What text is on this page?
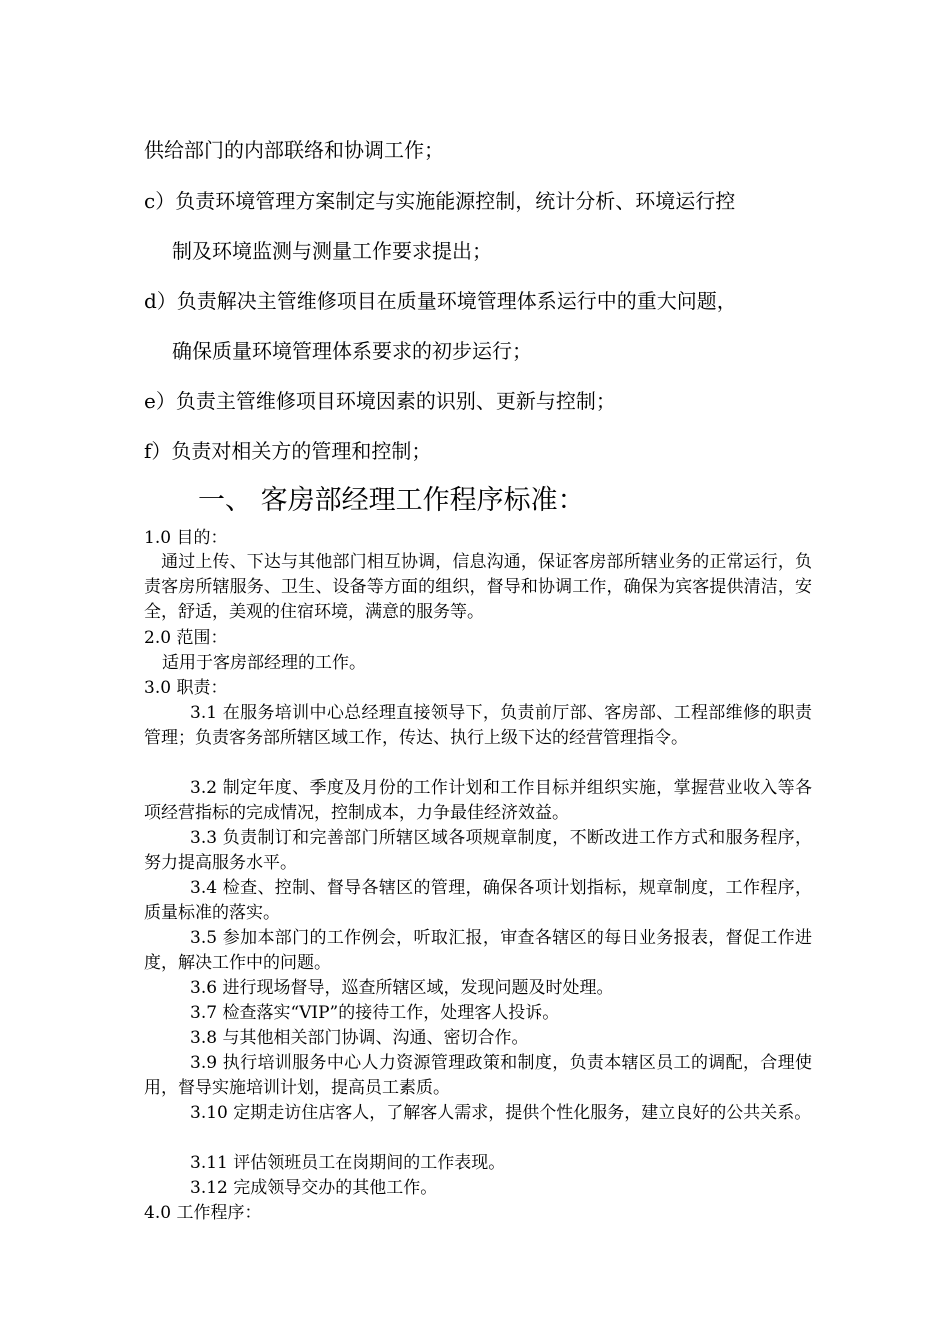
供给部门的内部联络和协调工作；
c）负责环境管理方案制定与实施能源控制，统计分析、环境运行控
制及环境监测与测量工作要求提出；
d）负责解决主管维修项目在质量环境管理体系运行中的重大问题，
确保质量环境管理体系要求的初步运行；
e）负责主管维修项目环境因素的识别、更新与控制；
f）负责对相关方的管理和控制；
一、 客房部经理工作程序标准：
1.0 目的：
　通过上传、下达与其他部门相互协调，信息沟通，保证客房部所辖业务的正常运行，负责客房所辖服务、卫生、设备等方面的组织，督导和协调工作，确保为宾客提供清洁，安全，舒适，美观的住宿环境，满意的服务等。
2.0 范围：
适用于客房部经理的工作。
3.0 职责：
3.1 在服务培训中心总经理直接领导下，负责前厅部、客房部、工程部维修的职责管理；负责客务部所辖区域工作，传达、执行上级下达的经营管理指令。
3.2 制定年度、季度及月份的工作计划和工作目标并组织实施，掌握营业收入等各项经营指标的完成情况，控制成本，力争最佳经济效益。
3.3 负责制订和完善部门所辖区域各项规章制度，不断改进工作方式和服务程序，努力提高服务水平。
3.4 检查、控制、督导各辖区的管理，确保各项计划指标，规章制度，工作程序，质量标准的落实。
3.5 参加本部门的工作例会，听取汇报，审查各辖区的每日业务报表，督促工作进度，解决工作中的问题。
3.6 进行现场督导，巡查所辖区域，发现问题及时处理。
3.7 检查落实“VIP”的接待工作，处理客人投诉。
3.8 与其他相关部门协调、沟通、密切合作。
3.9 执行培训服务中心人力资源管理政策和制度，负责本辖区员工的调配，合理使用，督导实施培训计划，提高员工素质。
3.10 定期走访住店客人，了解客人需求，提供个性化服务，建立良好的公共关系。
3.11 评估领班员工在岗期间的工作表现。
3.12 完成领导交办的其他工作。
4.0 工作程序：
